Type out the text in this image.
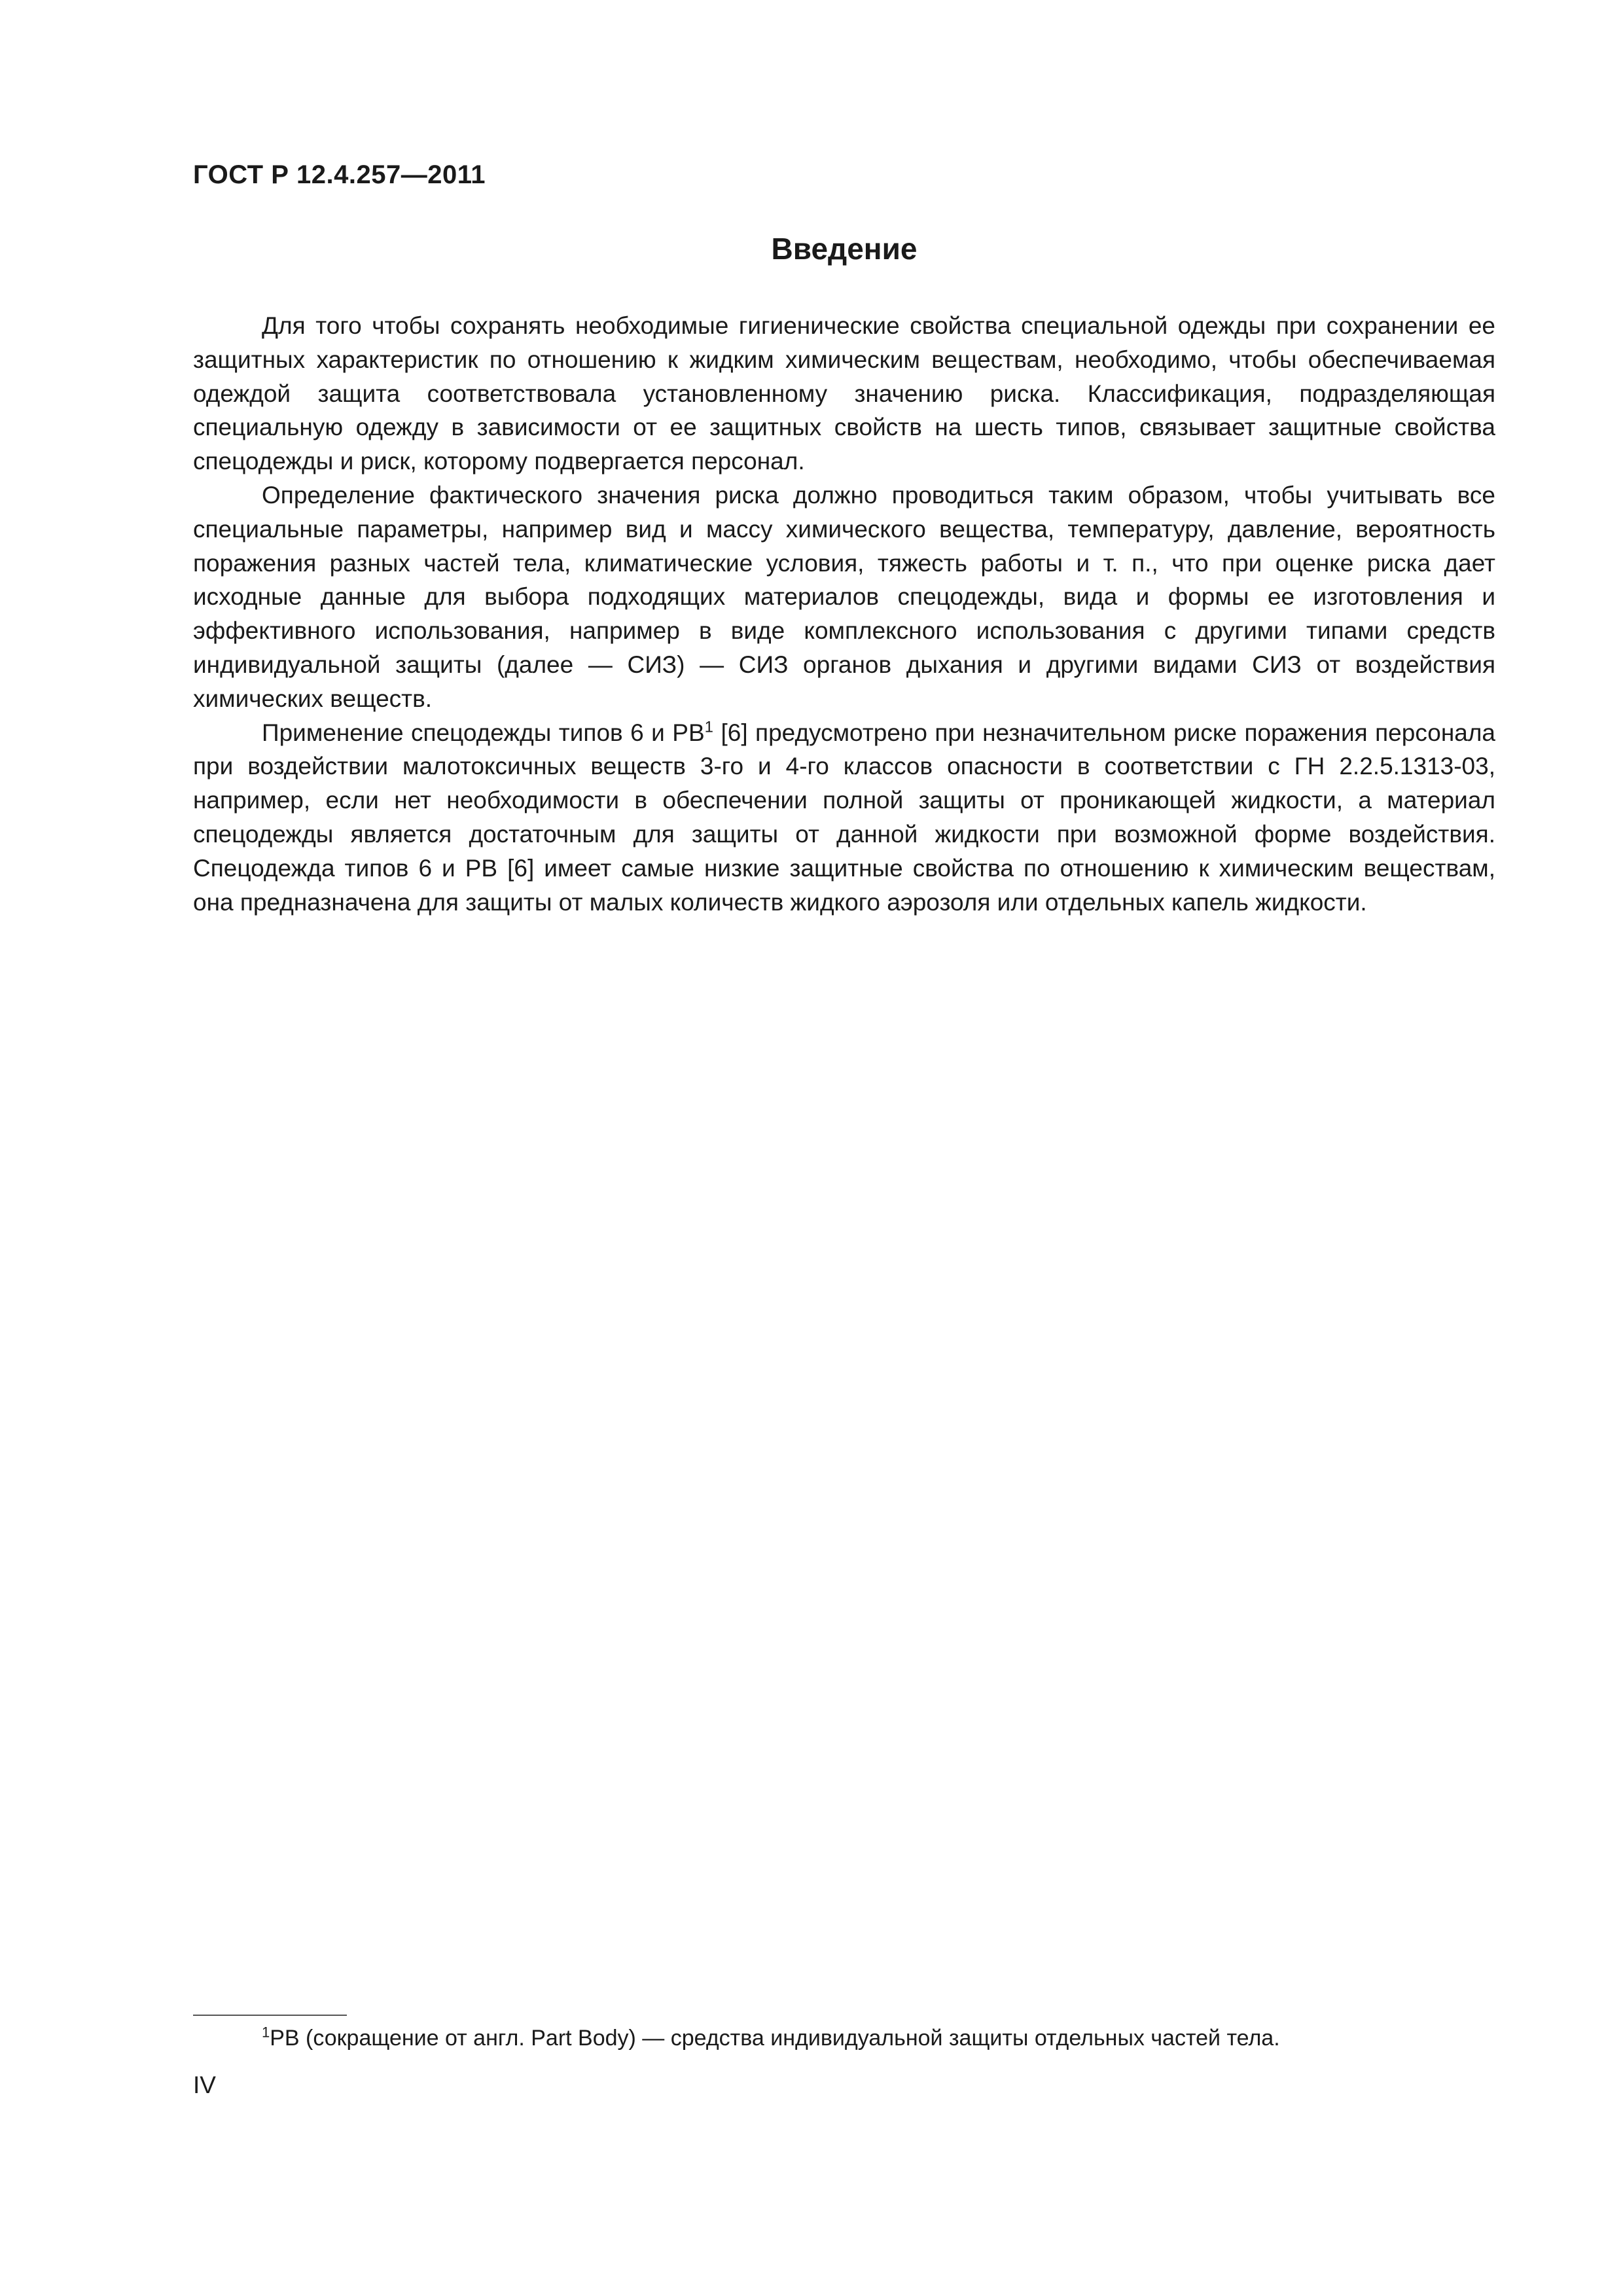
ГОСТ Р 12.4.257—2011

Введение

Для того чтобы сохранять необходимые гигиенические свойства специальной одежды при сохранении ее защитных характеристик по отношению к жидким химическим веществам, необходимо, чтобы обеспечиваемая одеждой защита соответствовала установленному значению риска. Классификация, подразделяющая специальную одежду в зависимости от ее защитных свойств на шесть типов, связывает защитные свойства спецодежды и риск, которому подвергается персонал.

Определение фактического значения риска должно проводиться таким образом, чтобы учитывать все специальные параметры, например вид и массу химического вещества, температуру, давление, вероятность поражения разных частей тела, климатические условия, тяжесть работы и т. п., что при оценке риска дает исходные данные для выбора подходящих материалов спецодежды, вида и формы ее изготовления и эффективного использования, например в виде комплексного использования с другими типами средств индивидуальной защиты (далее — СИЗ) — СИЗ органов дыхания и другими видами СИЗ от воздействия химических веществ.

Применение спецодежды типов 6 и $PB^1$ [6] предусмотрено при незначительном риске поражения персонала при воздействии малотоксичных веществ 3-го и 4-го классов опасности в соответствии с ГН 2.2.5.1313-03, например, если нет необходимости в обеспечении полной защиты от проникающей жидкости, а материал спецодежды является достаточным для защиты от данной жидкости при возможной форме воздействия. Спецодежда типов 6 и PB [6] имеет самые низкие защитные свойства по отношению к химическим веществам, она предназначена для защиты от малых количеств жидкого аэрозоля или отдельных капель жидкости.

$^1$PB (сокращение от англ. Part Body) — средства индивидуальной защиты отдельных частей тела.

IV
